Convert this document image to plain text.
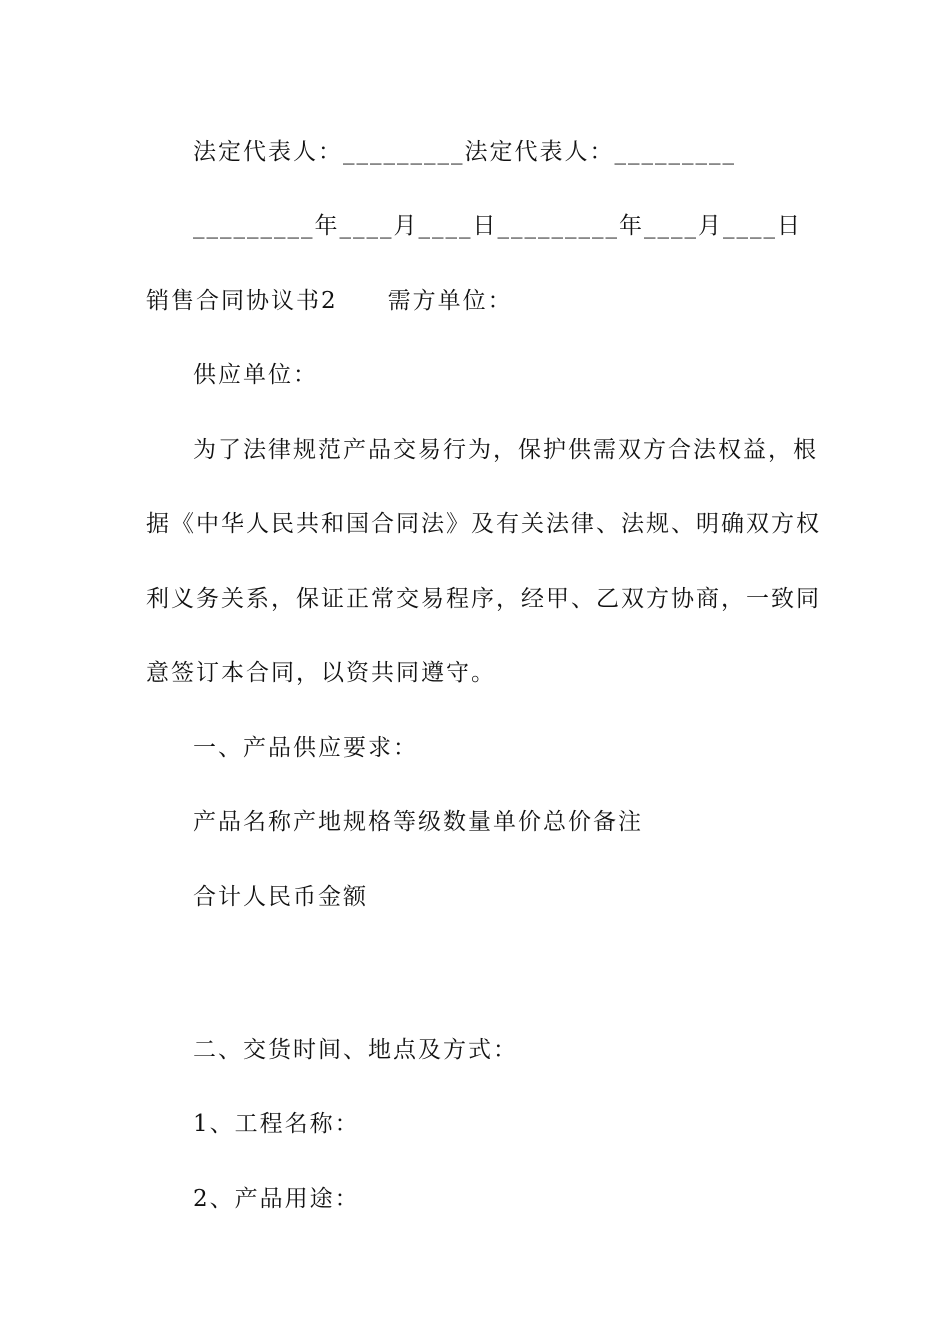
法定代表人：_________法定代表人：_________
_________年____月____日_________年____月____日
销售合同协议书2　　需方单位：
供应单位：
为了法律规范产品交易行为，保护供需双方合法权益，根
据《中华人民共和国合同法》及有关法律、法规、明确双方权
利义务关系，保证正常交易程序，经甲、乙双方协商，一致同
意签订本合同，以资共同遵守。
一、产品供应要求：
产品名称产地规格等级数量单价总价备注
合计人民币金额
二、交货时间、地点及方式：
1、工程名称：
2、产品用途：
